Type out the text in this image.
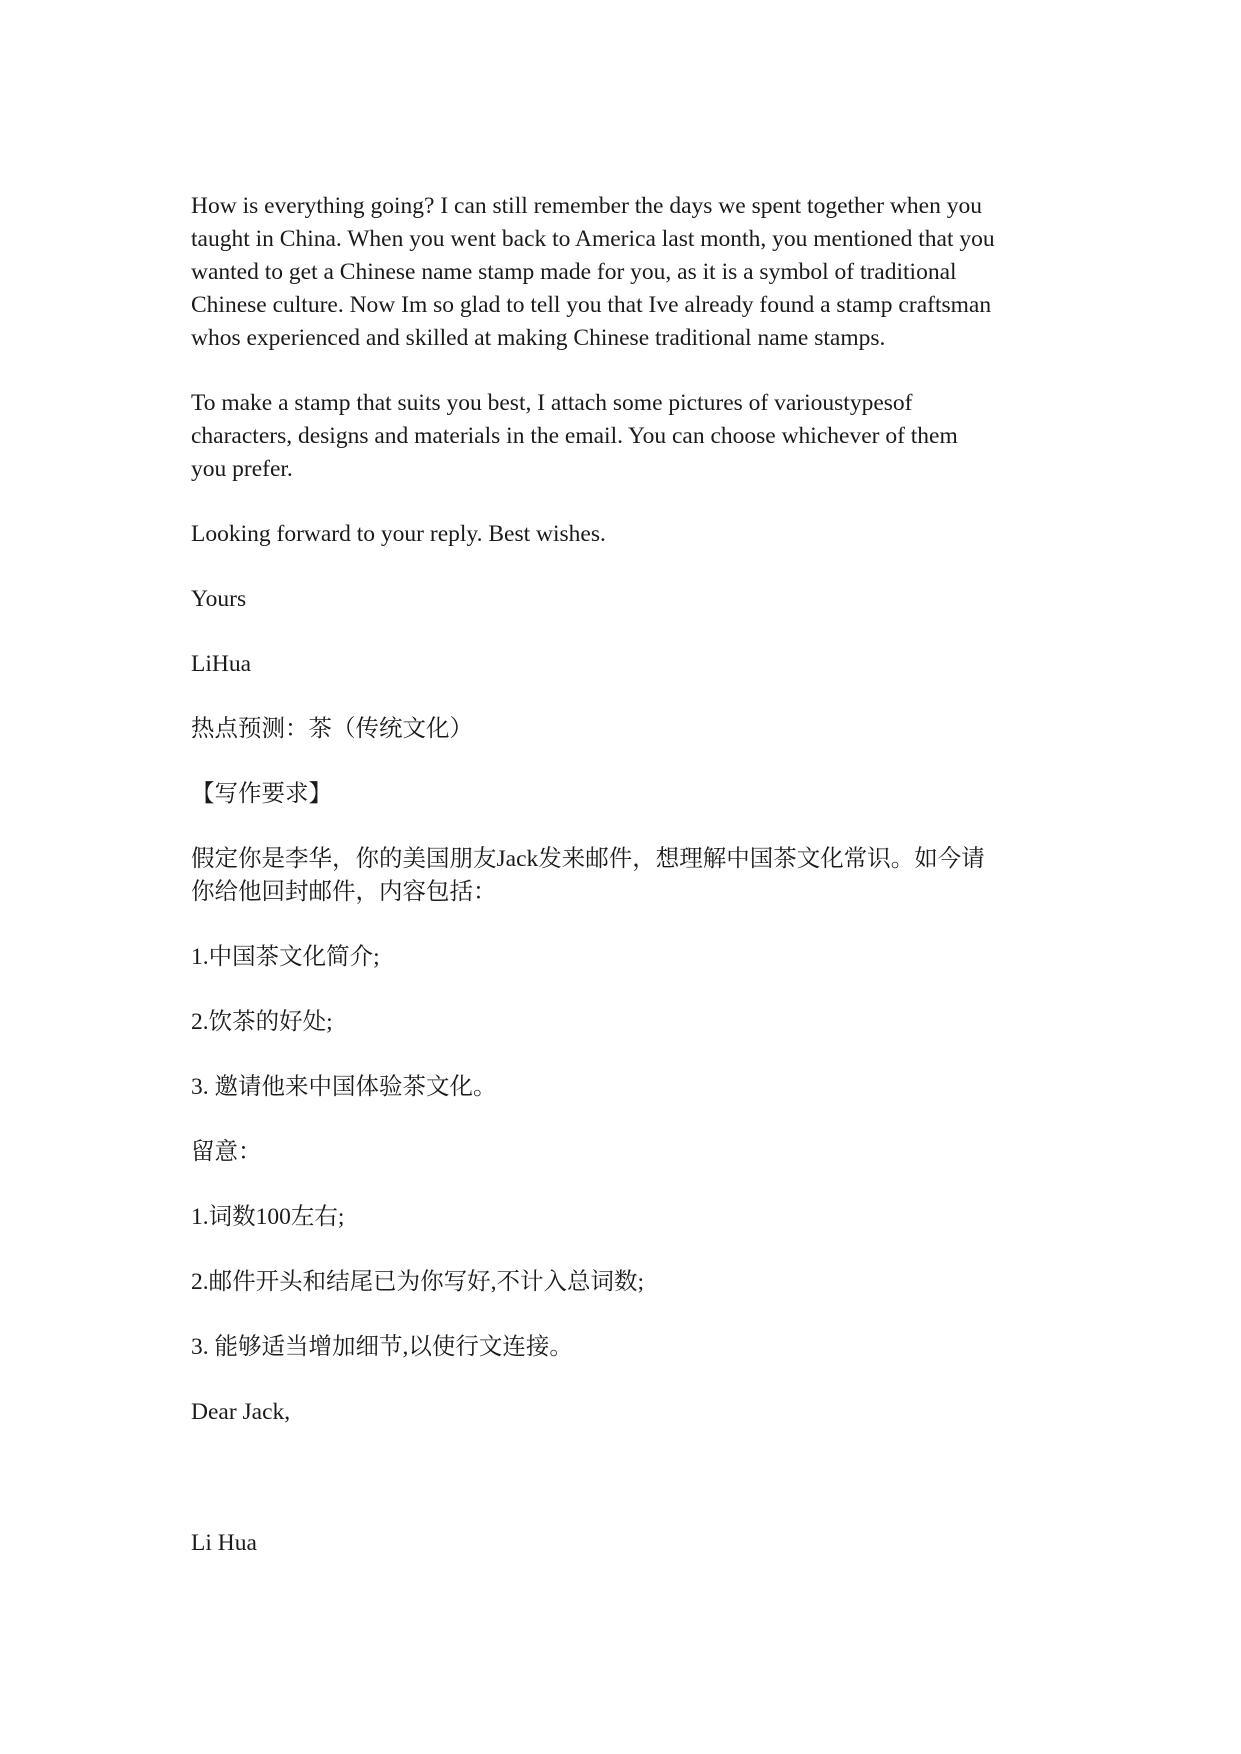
How is everything going? I can still remember the days we spent together when you
taught in China. When you went back to America last month, you mentioned that you
wanted to get a Chinese name stamp made for you, as it is a symbol of traditional
Chinese culture. Now Im so glad to tell you that Ive already found a stamp craftsman
whos experienced and skilled at making Chinese traditional name stamps.

To make a stamp that suits you best, I attach some pictures of varioustypesof
characters, designs and materials in the email. You can choose whichever of them
you prefer.

Looking forward to your reply. Best wishes.

Yours

LiHua

热点预测：茶（传统文化）

【写作要求】

假定你是李华，你的美国朋友Jack发来邮件，想理解中国茶文化常识。如今请
你给他回封邮件，内容包括：

1.中国茶文化简介;

2.饮茶的好处;

3. 邀请他来中国体验茶文化。

留意：

1.词数100左右;

2.邮件开头和结尾已为你写好,不计入总词数;

3. 能够适当增加细节,以使行文连接。

Dear Jack,

Li Hua
